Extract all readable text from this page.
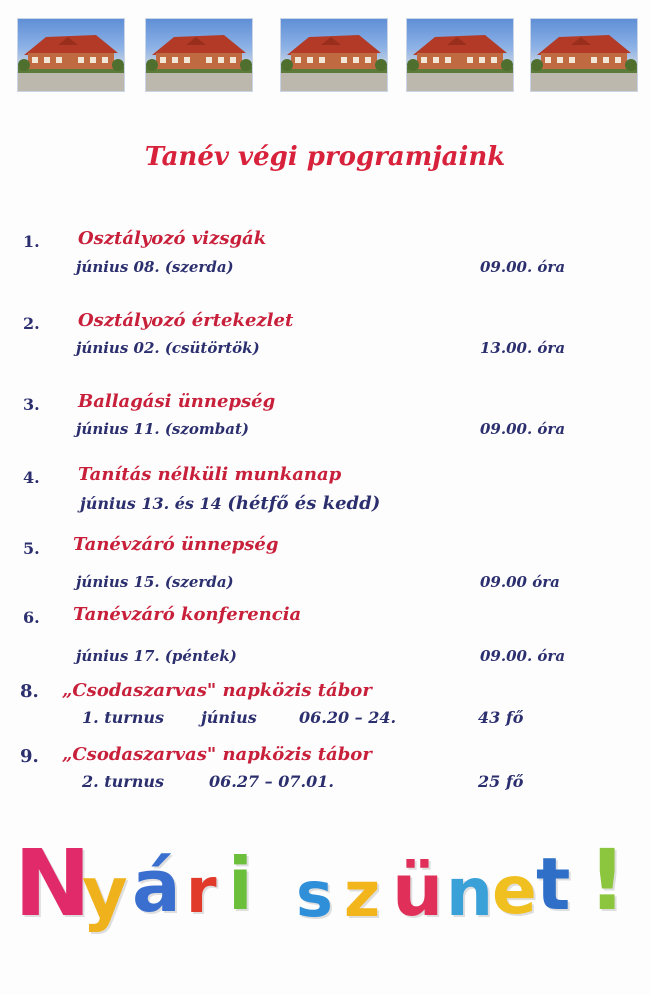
Tanév végi programjaink
1. Osztályozó vizsgák
június 08. (szerda)	09.00. óra
2. Osztályozó értekezlet
június 02. (csütörtök)	13.00. óra
3. Ballagási ünnepség
június 11. (szombat)	09.00. óra
4. Tanítás nélküli munkanap
június 13. és 14 (hétfő és kedd)
5. Tanévzáró ünnepség
június 15. (szerda)	09.00 óra
6. Tanévzáró konferencia
június 17. (péntek)	09.00. óra
8. „Csodaszarvas" napközis tábor
1. turnus június	06.20 – 24.	43 fő
9. „Csodaszarvas" napközis tábor
2. turnus	06.27 – 07.01.	25 fő
N
y á r i s z ü n e t !
